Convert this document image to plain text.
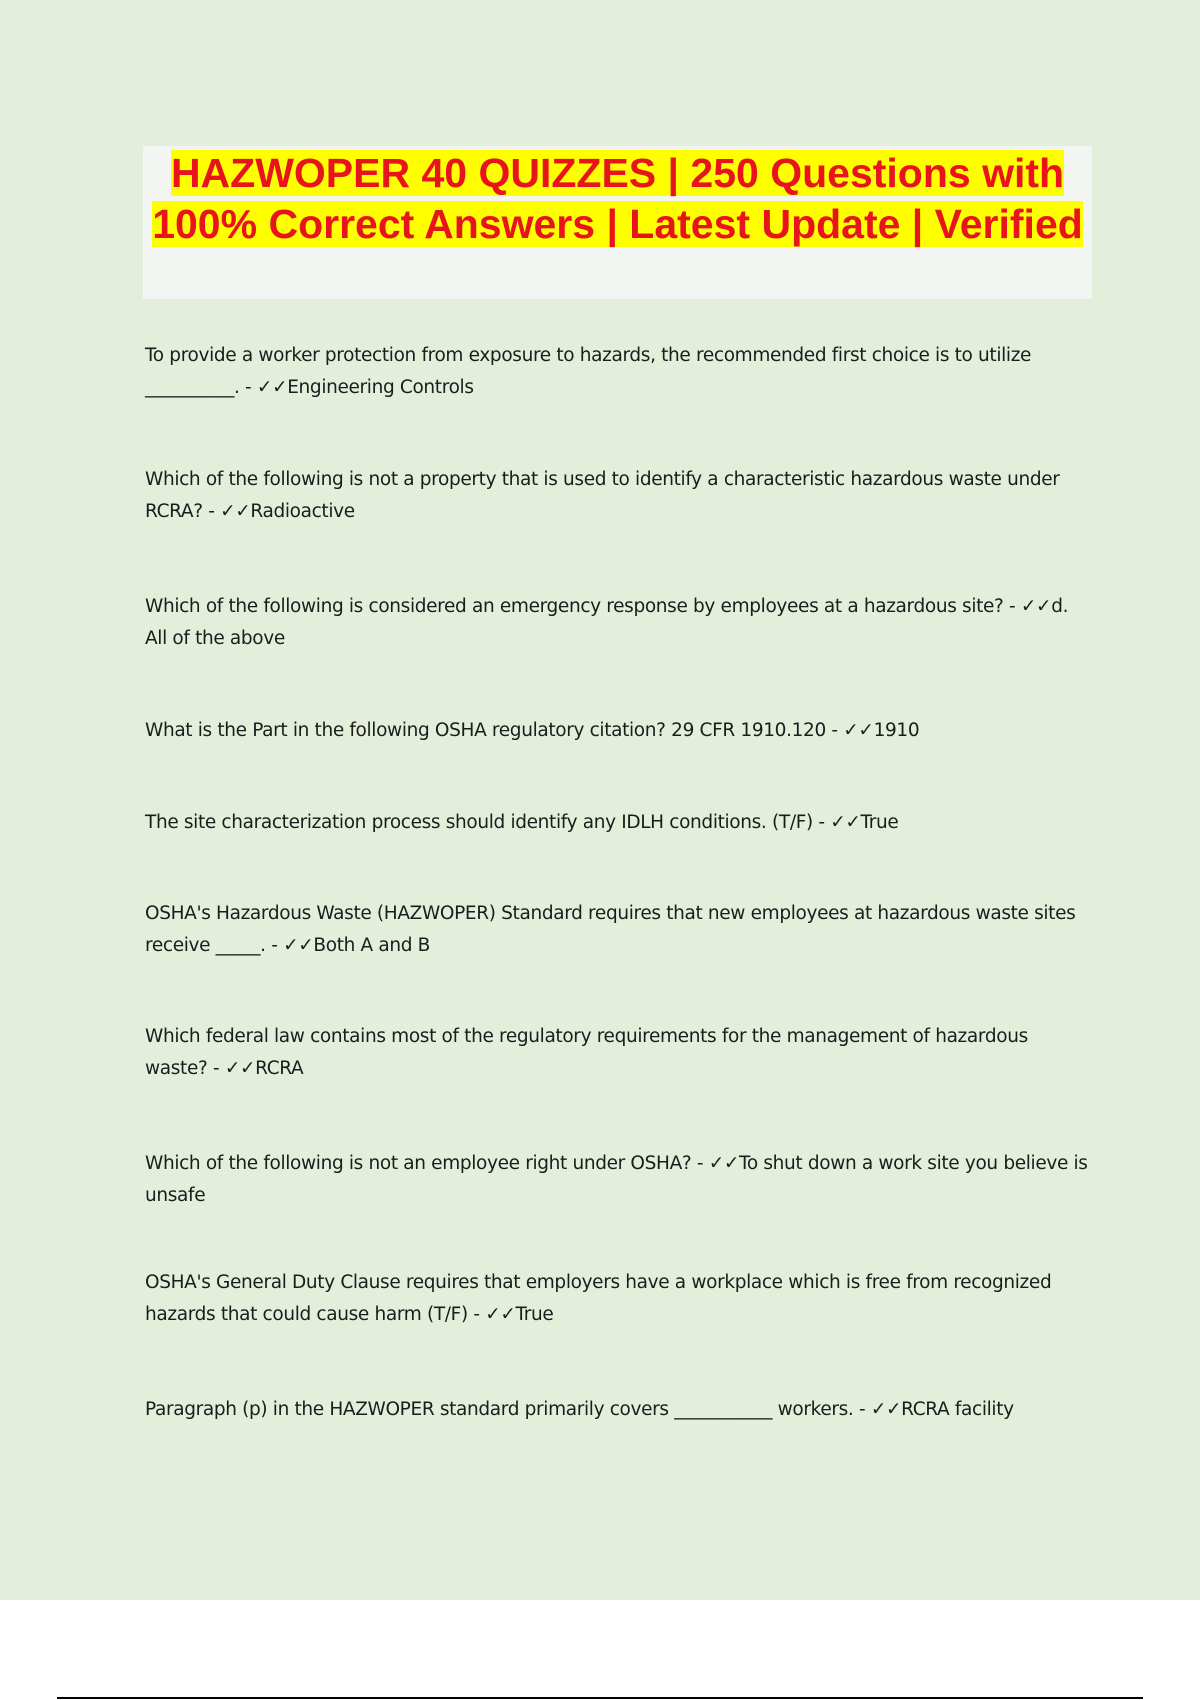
HAZWOPER 40 QUIZZES | 250 Questions with 100% Correct Answers | Latest Update | Verified

To provide a worker protection from exposure to hazards, the recommended first choice is to utilize __________. - ✓✓Engineering Controls

Which of the following is not a property that is used to identify a characteristic hazardous waste under RCRA? - ✓✓Radioactive

Which of the following is considered an emergency response by employees at a hazardous site? - ✓✓d. All of the above

What is the Part in the following OSHA regulatory citation? 29 CFR 1910.120 - ✓✓1910

The site characterization process should identify any IDLH conditions. (T/F) - ✓✓True

OSHA's Hazardous Waste (HAZWOPER) Standard requires that new employees at hazardous waste sites receive _____. - ✓✓Both A and B

Which federal law contains most of the regulatory requirements for the management of hazardous waste? - ✓✓RCRA

Which of the following is not an employee right under OSHA? - ✓✓To shut down a work site you believe is unsafe

OSHA's General Duty Clause requires that employers have a workplace which is free from recognized hazards that could cause harm (T/F) - ✓✓True

Paragraph (p) in the HAZWOPER standard primarily covers ___________ workers. - ✓✓RCRA facility
